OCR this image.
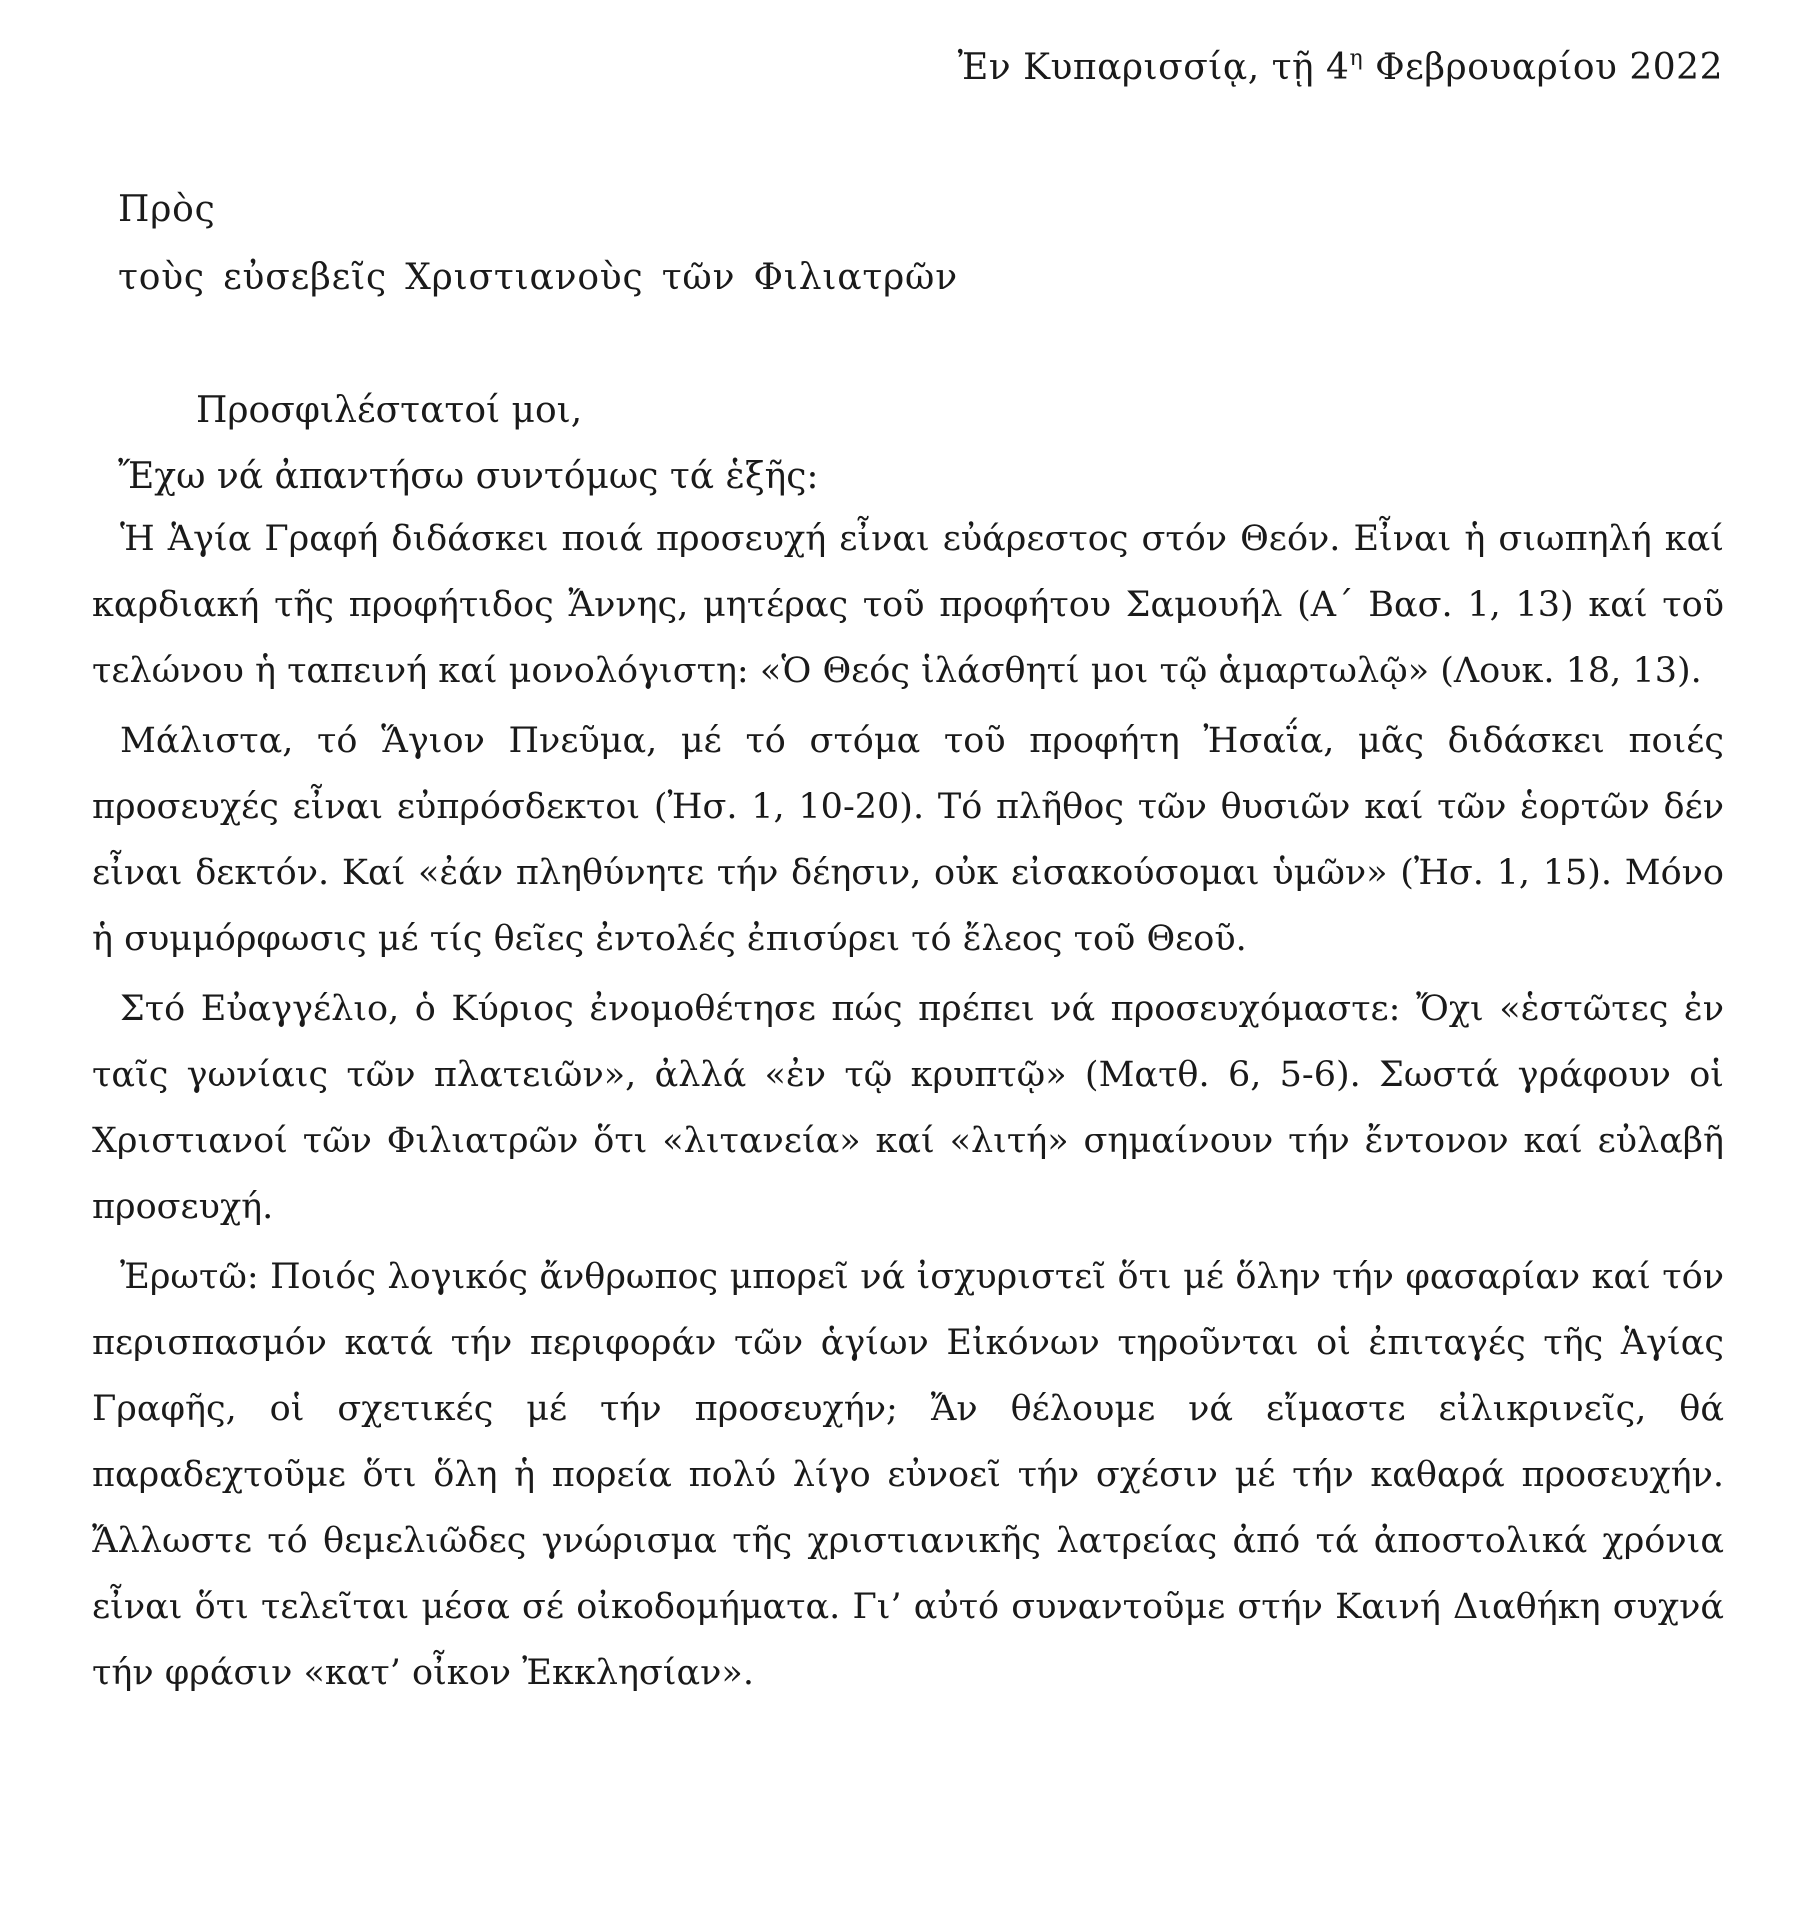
Ἐν Κυπαρισσίᾳ, τῇ $4^\eta$ Φεβρουαρίου 2022
Πρὸς
τοὺς εὐσεβεῖς Χριστιανοὺς τῶν Φιλιατρῶν
Προσφιλέστατοί μοι,
Ἔχω νά ἀπαντήσω συντόμως τά ἑξῆς:

Ἡ Ἁγία Γραφή διδάσκει ποιά προσευχή εἶναι εὐάρεστος στόν Θεόν. Εἶναι ἡ σιωπηλή καί καρδιακή τῆς προφήτιδος Ἄννης, μητέρας τοῦ προφήτου Σαμουήλ (Α΄ Βασ. 1, 13) καί τοῦ τελώνου ἡ ταπεινή καί μονολόγιστη: «Ὁ Θεός ἱλάσθητί μοι τῷ ἁμαρτωλῷ» (Λουκ. 18, 13).

Μάλιστα, τό Ἅγιον Πνεῦμα, μέ τό στόμα τοῦ προφήτη Ἠσαΐα, μᾶς διδάσκει ποιές προσευχές εἶναι εὐπρόσδεκτοι (Ἠσ. 1, 10-20). Τό πλῆθος τῶν θυσιῶν καί τῶν ἑορτῶν δέν εἶναι δεκτόν. Καί «ἐάν πληθύνητε τήν δέησιν, οὐκ εἰσακούσομαι ὑμῶν» (Ἠσ. 1, 15). Μόνο ἡ συμμόρφωσις μέ τίς θεῖες ἐντολές ἐπισύρει τό ἔλεος τοῦ Θεοῦ.

Στό Εὐαγγέλιο, ὁ Κύριος ἐνομοθέτησε πώς πρέπει νά προσευχόμαστε: Ὄχι «ἑστῶτες ἐν ταῖς γωνίαις τῶν πλατειῶν», ἀλλά «ἐν τῷ κρυπτῷ» (Ματθ. 6, 5-6). Σωστά γράφουν οἱ Χριστιανοί τῶν Φιλιατρῶν ὅτι «λιτανεία» καί «λιτή» σημαίνουν τήν ἔντονον καί εὐλαβῆ προσευχή.

Ἐρωτῶ: Ποιός λογικός ἄνθρωπος μπορεῖ νά ἰσχυριστεῖ ὅτι μέ ὅλην τήν φασαρίαν καί τόν περισπασμόν κατά τήν περιφοράν τῶν ἁγίων Εἰκόνων τηροῦνται οἱ ἐπιταγές τῆς Ἁγίας Γραφῆς, οἱ σχετικές μέ τήν προσευχήν; Ἄν θέλουμε νά εἴμαστε εἰλικρινεῖς, θά παραδεχτοῦμε ὅτι ὅλη ἡ πορεία πολύ λίγο εὐνοεῖ τήν σχέσιν μέ τήν καθαρά προσευχήν. Ἄλλωστε τό θεμελιῶδες γνώρισμα τῆς χριστιανικῆς λατρείας ἀπό τά ἀποστολικά χρόνια εἶναι ὅτι τελεῖται μέσα σέ οἰκοδομήματα. Γι’ αὐτό συναντοῦμε στήν Καινή Διαθήκη συχνά τήν φράσιν «κατ’ οἶκον Ἐκκλησίαν».
